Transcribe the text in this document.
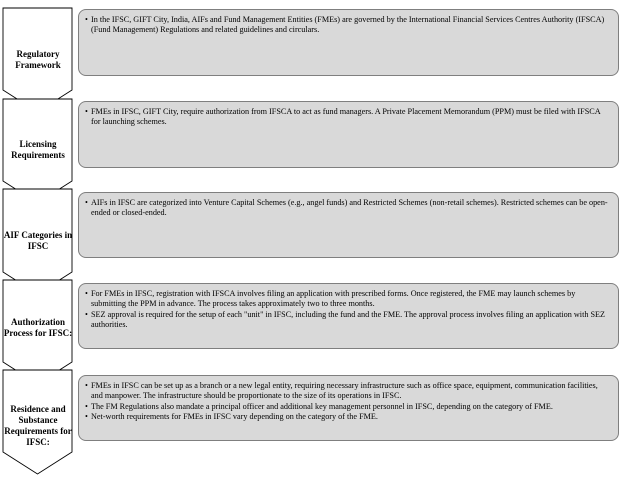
Regulatory Framework
• In the IFSC, GIFT City, India, AIFs and Fund Management Entities (FMEs) are governed by the International Financial Services Centres Authority (IFSCA) (Fund Management) Regulations and related guidelines and circulars.
Licensing Requirements
• FMEs in IFSC, GIFT City, require authorization from IFSCA to act as fund managers. A Private Placement Memorandum (PPM) must be filed with IFSCA for launching schemes.
AIF Categories in IFSC
• AIFs in IFSC are categorized into Venture Capital Schemes (e.g., angel funds) and Restricted Schemes (non-retail schemes). Restricted schemes can be open-ended or closed-ended.
Authorization Process for IFSC:
• For FMEs in IFSC, registration with IFSCA involves filing an application with prescribed forms. Once registered, the FME may launch schemes by submitting the PPM in advance. The process takes approximately two to three months.
• SEZ approval is required for the setup of each "unit" in IFSC, including the fund and the FME. The approval process involves filing an application with SEZ authorities.
Residence and Substance Requirements for IFSC:
• FMEs in IFSC can be set up as a branch or a new legal entity, requiring necessary infrastructure such as office space, equipment, communication facilities, and manpower. The infrastructure should be proportionate to the size of its operations in IFSC.
• The FM Regulations also mandate a principal officer and additional key management personnel in IFSC, depending on the category of FME.
• Net-worth requirements for FMEs in IFSC vary depending on the category of the FME.
